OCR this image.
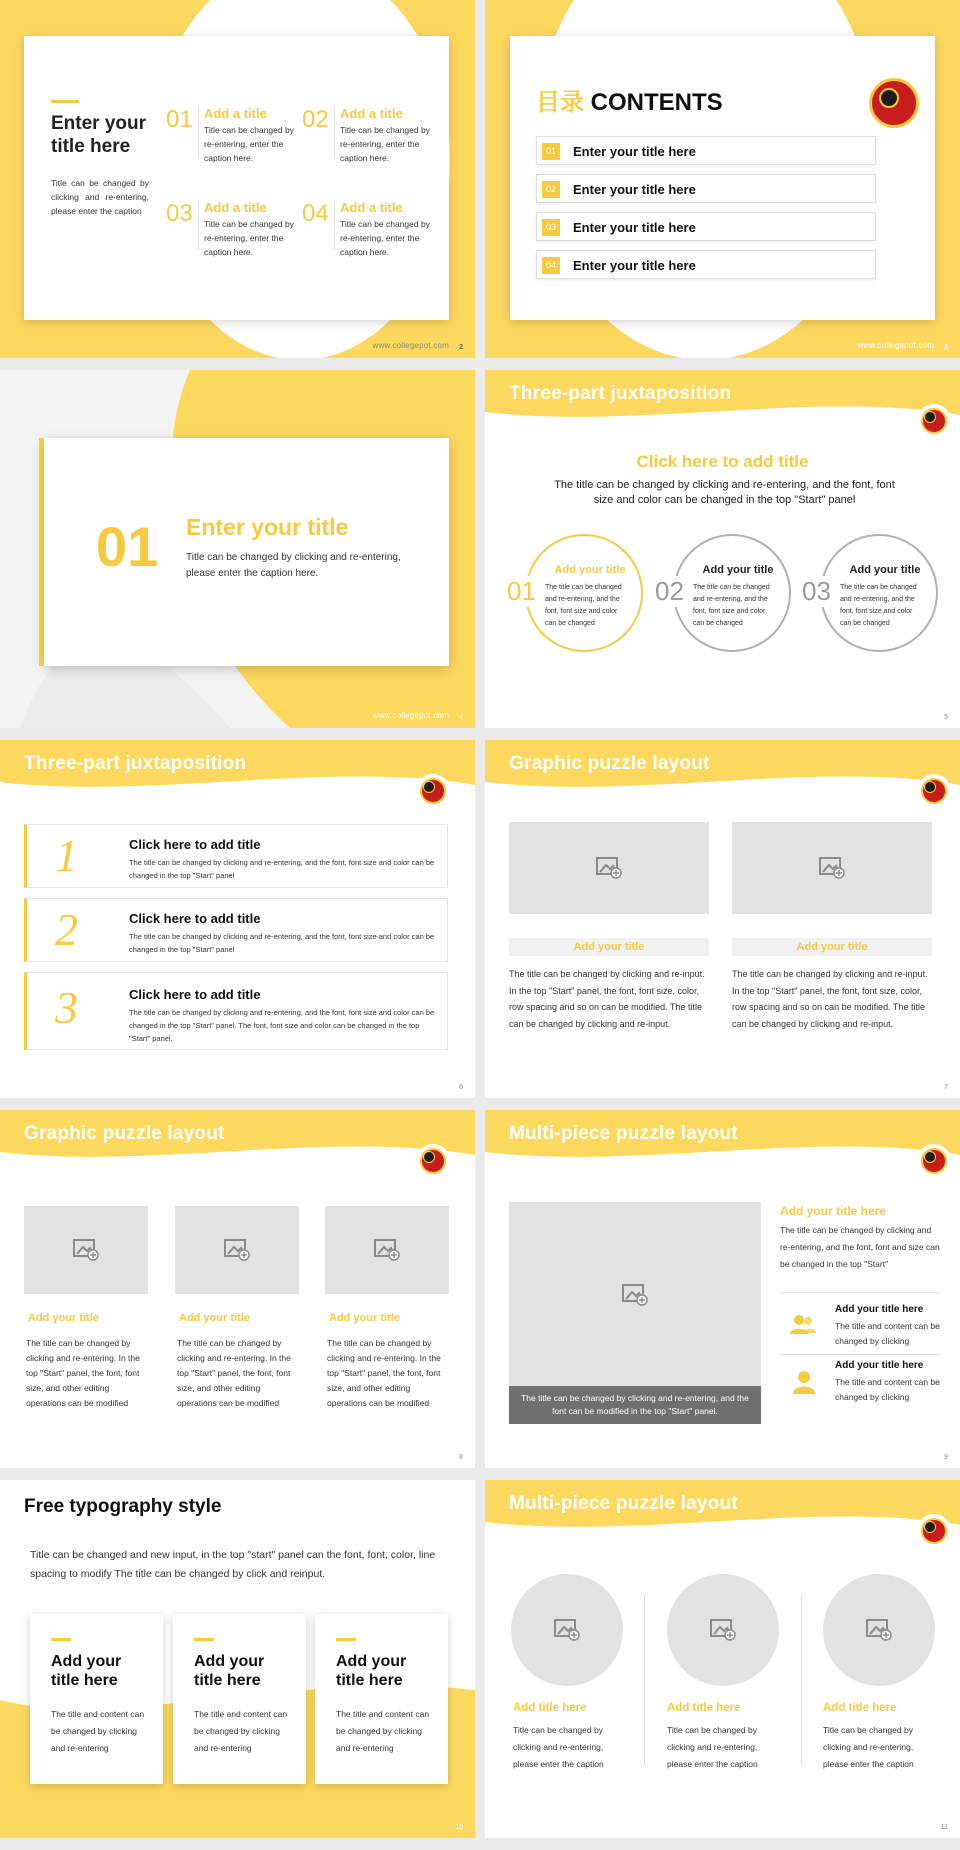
Enter your title here
Title can be changed by clicking and re-entering, please enter the caption
01 Add a title
Title can be changed by re-entering, enter the caption here.
02 Add a title
Title can be changed by re-entering, enter the caption here.
03 Add a title
Title can be changed by re-entering, enter the caption here.
04 Add a title
Title can be changed by re-entering, enter the caption here.
www.collegepot.com 2
目录 CONTENTS
01	Enter your title here
02	Enter your title here
03	Enter your title here
04	Enter your title here
www.collegepot.com 3
01 Enter your title
Title can be changed by clicking and re-entering, please enter the caption here.
www.collegepot.com 4
Three-part juxtaposition
Click here to add title
The title can be changed by clicking and re-entering, and the font, font size and color can be changed in the top "Start" panel
01
Add your title
The title can be changed and re-entering, and the font, font size and color can be changed
02
Add your title
The title can be changed and re-entering, and the font, font size and color can be changed
03
Add your title
The title can be changed and re-entering, and the font, font size and color can be changed
5
Three-part juxtaposition
1	Click here to add title
The title can be changed by clicking and re-entering, and the font, font size and color can be changed in the top "Start" panel
2	Click here to add title
The title can be changed by clicking and re-entering, and the font, font size and color can be changed in the top "Start" panel
3	Click here to add title
The title can be changed by clicking and re-entering, and the font, font size and color can be changed in the top "Start" panel. The font, font size and color can be changed in the top "Start" panel.
6
Graphic puzzle layout
Add your title	Add your title
The title can be changed by clicking and re-input. In the top "Start" panel, the font, font size, color, row spacing and so on can be modified. The title can be changed by clicking and re-input.
The title can be changed by clicking and re-input. In the top "Start" panel, the font, font size, color, row spacing and so on can be modified. The title can be changed by clicking and re-input.
7
Graphic puzzle layout
Add your title	Add your title	Add your title
The title can be changed by clicking and re-entering. In the top "Start" panel, the font, font size, and other editing operations can be modified
The title can be changed by clicking and re-entering. In the top "Start" panel, the font, font size, and other editing operations can be modified
The title can be changed by clicking and re-entering. In the top "Start" panel, the font, font size, and other editing operations can be modified
8
Multi-piece puzzle layout
The title can be changed by clicking and re-entering, and the font can be modified in the top "Start" panel.
Add your title here
The title can be changed by clicking and re-entering, and the font, font and size can be changed in the top "Start"
Add your title here
The title and content can be changed by clicking
Add your title here
The title and content can be changed by clicking
9
Free typography style
Title can be changed and new input, in the top "start" panel can the font, font, color, line spacing to modify The title can be changed by click and reinput.
Add your title here
The title and content can be changed by clicking and re-entering
Add your title here
The title and content can be changed by clicking and re-entering
Add your title here
The title and content can be changed by clicking and re-entering
10
Multi-piece puzzle layout
Add title here	Add title here	Add title here
Title can be changed by clicking and re-entering, please enter the caption
Title can be changed by clicking and re-entering, please enter the caption
Title can be changed by clicking and re-entering, please enter the caption
11
